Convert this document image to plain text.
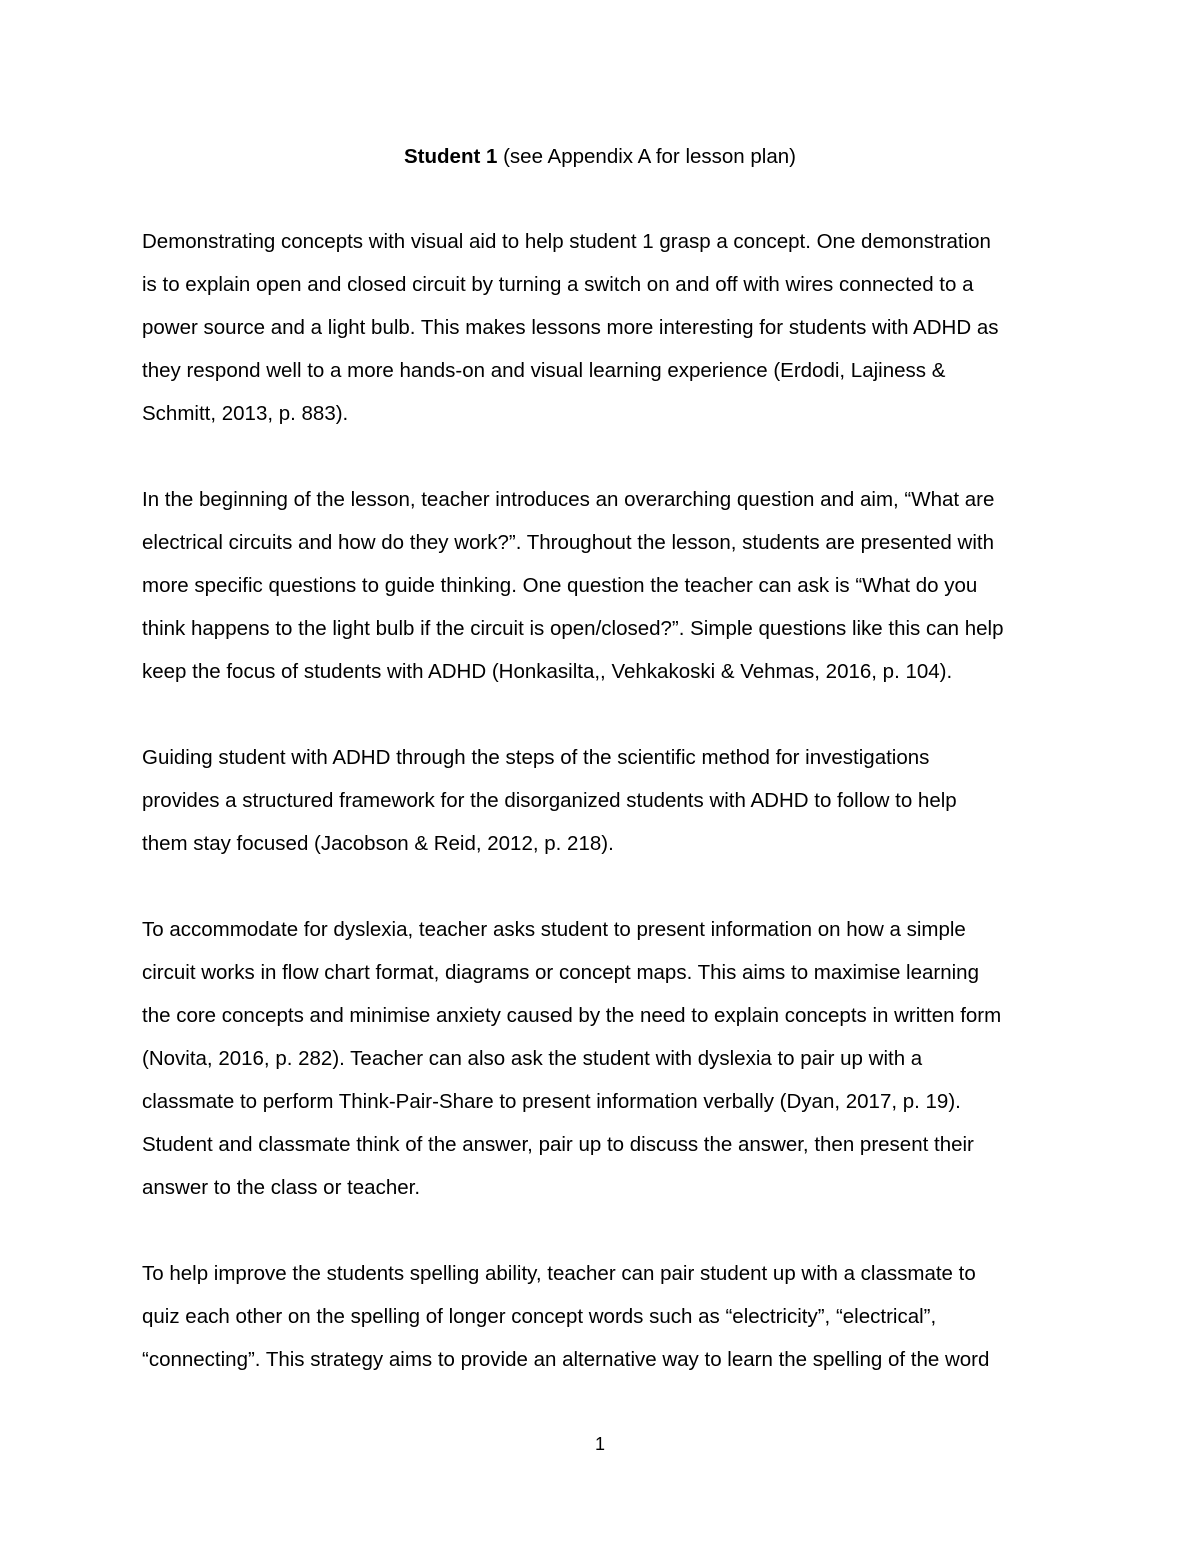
Student 1 (see Appendix A for lesson plan)
Demonstrating concepts with visual aid to help student 1 grasp a concept. One demonstration
is to explain open and closed circuit by turning a switch on and off with wires connected to a
power source and a light bulb. This makes lessons more interesting for students with ADHD as
they respond well to a more hands-on and visual learning experience (Erdodi, Lajiness &
Schmitt, 2013, p. 883).
In the beginning of the lesson, teacher introduces an overarching question and aim, “What are
electrical circuits and how do they work?”. Throughout the lesson, students are presented with
more specific questions to guide thinking. One question the teacher can ask is “What do you
think happens to the light bulb if the circuit is open/closed?”. Simple questions like this can help
keep the focus of students with ADHD (Honkasilta,, Vehkakoski & Vehmas, 2016, p. 104).
Guiding student with ADHD through the steps of the scientific method for investigations
provides a structured framework for the disorganized students with ADHD to follow to help
them stay focused (Jacobson & Reid, 2012, p. 218).
To accommodate for dyslexia, teacher asks student to present information on how a simple
circuit works in flow chart format, diagrams or concept maps. This aims to maximise learning
the core concepts and minimise anxiety caused by the need to explain concepts in written form
(Novita, 2016, p. 282). Teacher can also ask the student with dyslexia to pair up with a
classmate to perform Think-Pair-Share to present information verbally (Dyan, 2017, p. 19).
Student and classmate think of the answer, pair up to discuss the answer, then present their
answer to the class or teacher.
To help improve the students spelling ability, teacher can pair student up with a classmate to
quiz each other on the spelling of longer concept words such as “electricity”, “electrical”,
“connecting”. This strategy aims to provide an alternative way to learn the spelling of the word
1
